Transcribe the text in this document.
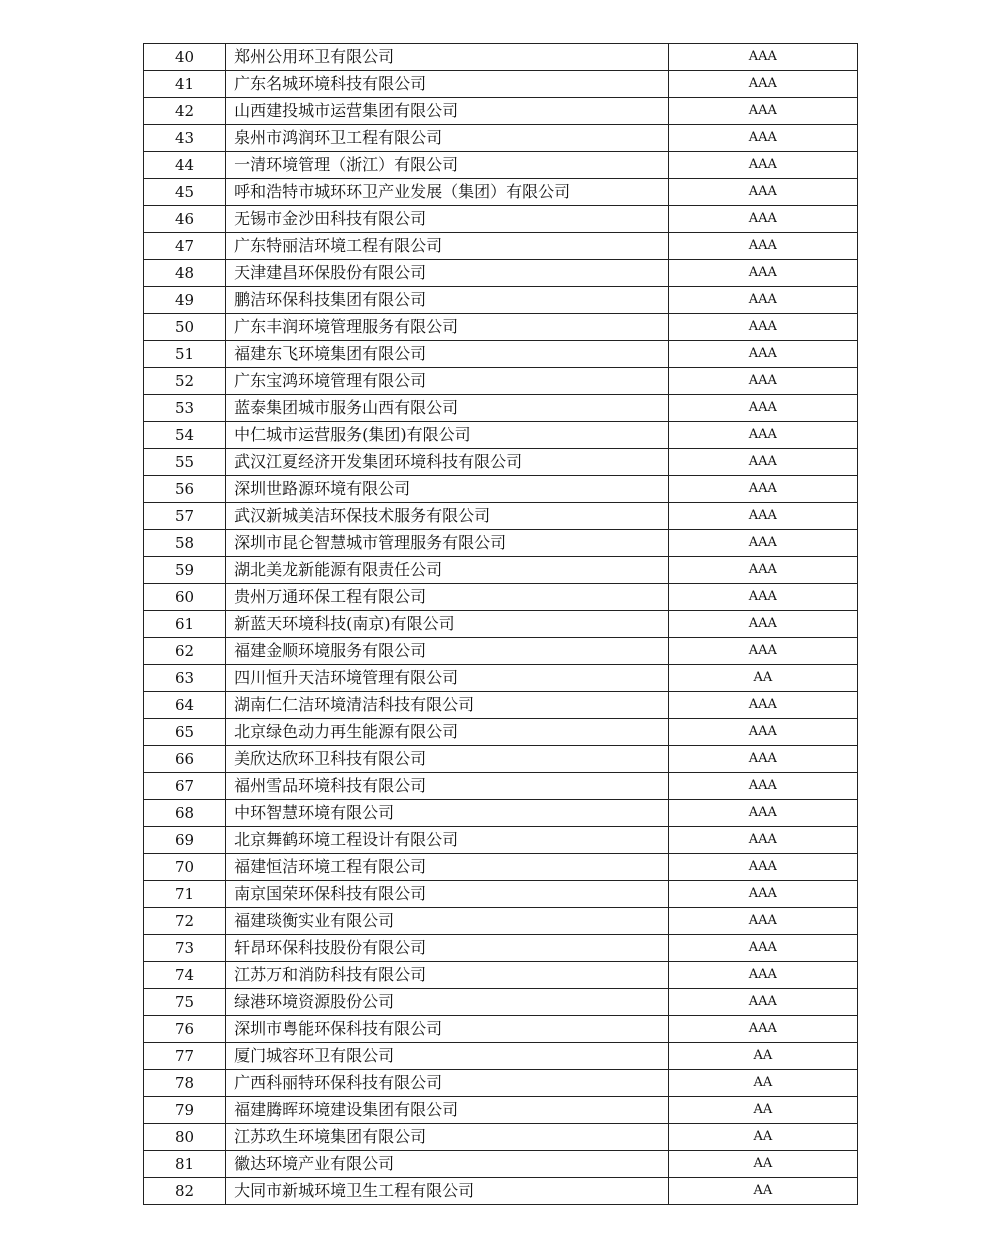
40	郑州公用环卫有限公司	AAA
41	广东名城环境科技有限公司	AAA
42	山西建投城市运营集团有限公司	AAA
43	泉州市鸿润环卫工程有限公司	AAA
44	一清环境管理（浙江）有限公司	AAA
45	呼和浩特市城环环卫产业发展（集团）有限公司	AAA
46	无锡市金沙田科技有限公司	AAA
47	广东特丽洁环境工程有限公司	AAA
48	天津建昌环保股份有限公司	AAA
49	鹏洁环保科技集团有限公司	AAA
50	广东丰润环境管理服务有限公司	AAA
51	福建东飞环境集团有限公司	AAA
52	广东宝鸿环境管理有限公司	AAA
53	蓝泰集团城市服务山西有限公司	AAA
54	中仁城市运营服务(集团)有限公司	AAA
55	武汉江夏经济开发集团环境科技有限公司	AAA
56	深圳世路源环境有限公司	AAA
57	武汉新城美洁环保技术服务有限公司	AAA
58	深圳市昆仑智慧城市管理服务有限公司	AAA
59	湖北美龙新能源有限责任公司	AAA
60	贵州万通环保工程有限公司	AAA
61	新蓝天环境科技(南京)有限公司	AAA
62	福建金顺环境服务有限公司	AAA
63	四川恒升天洁环境管理有限公司	AA
64	湖南仁仁洁环境清洁科技有限公司	AAA
65	北京绿色动力再生能源有限公司	AAA
66	美欣达欣环卫科技有限公司	AAA
67	福州雪品环境科技有限公司	AAA
68	中环智慧环境有限公司	AAA
69	北京舞鹤环境工程设计有限公司	AAA
70	福建恒洁环境工程有限公司	AAA
71	南京国荣环保科技有限公司	AAA
72	福建琰衡实业有限公司	AAA
73	轩昂环保科技股份有限公司	AAA
74	江苏万和消防科技有限公司	AAA
75	绿港环境资源股份公司	AAA
76	深圳市粤能环保科技有限公司	AAA
77	厦门城容环卫有限公司	AA
78	广西科丽特环保科技有限公司	AA
79	福建腾晖环境建设集团有限公司	AA
80	江苏玖生环境集团有限公司	AA
81	徽达环境产业有限公司	AA
82	大同市新城环境卫生工程有限公司	AA
